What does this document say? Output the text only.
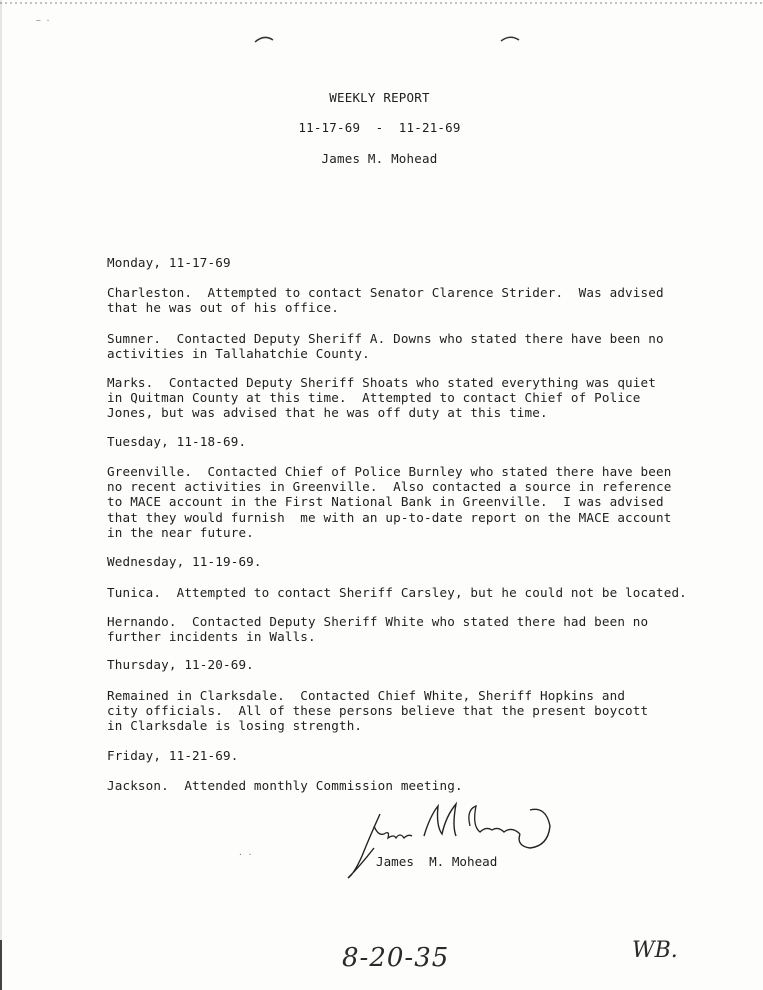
WEEKLY REPORT
11-17-69  -  11-21-69
James M. Mohead
Monday, 11-17-69
Charleston.  Attempted to contact Senator Clarence Strider.  Was advised
that he was out of his office.
Sumner.  Contacted Deputy Sheriff A. Downs who stated there have been no
activities in Tallahatchie County.
Marks.  Contacted Deputy Sheriff Shoats who stated everything was quiet
in Quitman County at this time.  Attempted to contact Chief of Police
Jones, but was advised that he was off duty at this time.
Tuesday, 11-18-69.
Greenville.  Contacted Chief of Police Burnley who stated there have been
no recent activities in Greenville.  Also contacted a source in reference
to MACE account in the First National Bank in Greenville.  I was advised
that they would furnish  me with an up-to-date report on the MACE account
in the near future.
Wednesday, 11-19-69.
Tunica.  Attempted to contact Sheriff Carsley, but he could not be located.
Hernando.  Contacted Deputy Sheriff White who stated there had been no
further incidents in Walls.
Thursday, 11-20-69.
Remained in Clarksdale.  Contacted Chief White, Sheriff Hopkins and
city officials.  All of these persons believe that the present boycott
in Clarksdale is losing strength.
Friday, 11-21-69.
Jackson.  Attended monthly Commission meeting.
James  M. Mohead
8-20-35	WB.
· ·
~ ·
